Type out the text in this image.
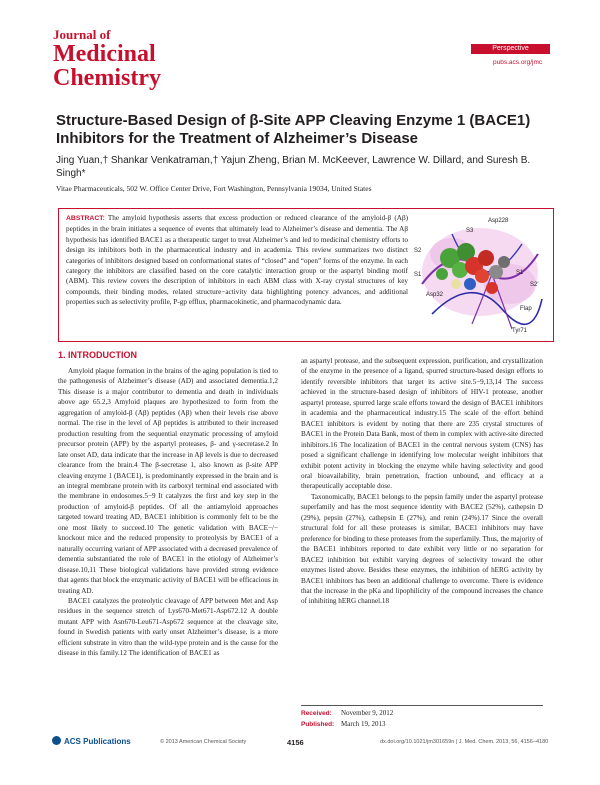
Journal of
Medicinal
Chemistry
Perspective
pubs.acs.org/jmc
Structure-Based Design of β-Site APP Cleaving Enzyme 1 (BACE1) Inhibitors for the Treatment of Alzheimer’s Disease
Jing Yuan,† Shankar Venkatraman,† Yajun Zheng, Brian M. McKeever, Lawrence W. Dillard, and Suresh B. Singh*
Vitae Pharmaceuticals, 502 W. Office Center Drive, Fort Washington, Pennsylvania 19034, United States
ABSTRACT: The amyloid hypothesis asserts that excess production or reduced clearance of the amyloid-β (Aβ) peptides in the brain initiates a sequence of events that ultimately lead to Alzheimer’s disease and dementia. The Aβ hypothesis has identified BACE1 as a therapeutic target to treat Alzheimer’s and led to medicinal chemistry efforts to design its inhibitors both in the pharmaceutical industry and in academia. This review summarizes two distinct categories of inhibitors designed based on conformational states of “closed” and “open” forms of the enzyme. In each category the inhibitors are classified based on the core catalytic interaction group or the aspartyl binding motif (ABM). This review covers the description of inhibitors in each ABM class with X-ray crystal structures of key compounds, their binding modes, related structure−activity data highlighting potency advances, and additional properties such as selectivity profile, P-gp efflux, pharmacokinetic, and pharmacodynamic data.
Asp228
S3
S2
S1	S1′
S2′
Asp32
Flap
Tyr71
1. INTRODUCTION

Amyloid plaque formation in the brains of the aging population is tied to the pathogenesis of Alzheimer’s disease (AD) and associated dementia.1,2 This disease is a major contributor to dementia and death in individuals above age 65.2,3 Amyloid plaques are hypothesized to form from the aggregation of amyloid-β (Aβ) peptides (Aβ) when their levels rise above normal. The rise in the level of Aβ peptides is attributed to their increased production resulting from the sequential enzymatic processing of amyloid precursor protein (APP) by the aspartyl proteases, β- and γ-secretase.2 In late onset AD, data indicate that the increase in Aβ levels is due to decreased clearance from the brain.4 The β-secretase 1, also known as β-site APP cleaving enzyme 1 (BACE1), is predominantly expressed in the brain and is an integral membrane protein with its carboxyl terminal end associated with the membrane in endosomes.5−9 It catalyzes the first and key step in the production of amyloid-β peptides. Of all the antiamyloid approaches targeted toward treating AD, BACE1 inhibition is commonly felt to be the one most likely to succeed.10 The genetic validation with BACE−/− knockout mice and the reduced propensity to proteolysis by BACE1 of a naturally occurring variant of APP associated with a decreased prevalence of dementia substantiated the role of BACE1 in the etiology of Alzheimer’s disease.10,11 These biological validations have provided strong evidence that agents that block the enzymatic activity of BACE1 will be efficacious in treating AD.

BACE1 catalyzes the proteolytic cleavage of APP between Met and Asp residues in the sequence stretch of Lys670-Met671-Asp672.12 A double mutant APP with Asn670-Leu671-Asp672 sequence at the cleavage site, found in Swedish patients with early onset Alzheimer’s disease, is a more efficient substrate in vitro than the wild-type protein and is the cause for the disease in this family.12 The identification of BACE1 as

an aspartyl protease, and the subsequent expression, purification, and crystallization of the enzyme in the presence of a ligand, spurred structure-based design efforts to identify reversible inhibitors that target its active site.5−9,13,14 The success achieved in the structure-based design of inhibitors of HIV-1 protease, another aspartyl protease, spurred large scale efforts toward the design of BACE1 inhibitors in academia and the pharmaceutical industry.15 The scale of the effort behind BACE1 inhibitors is evident by noting that there are 235 crystal structures of BACE1 in the Protein Data Bank, most of them in complex with active-site directed inhibitors.16 The localization of BACE1 in the central nervous system (CNS) has posed a significant challenge in identifying low molecular weight inhibitors that exhibit potent activity in blocking the enzyme while having selectivity and good oral bioavailability, brain penetration, fraction unbound, and efficacy at a therapeutically acceptable dose.

Taxonomically, BACE1 belongs to the pepsin family under the aspartyl protease superfamily and has the most sequence identity with BACE2 (52%), cathepsin D (29%), pepsin (27%), cathepsin E (27%), and renin (24%).17 Since the overall structural fold for all these proteases is similar, BACE1 inhibitors may have preference for binding to these proteases from the superfamily. Thus, the majority of the BACE1 inhibitors reported to date exhibit very little or no separation for BACE2 inhibition but exhibit varying degrees of selectivity toward the other enzymes listed above. Besides these enzymes, the inhibition of hERG activity by BACE1 inhibitors has been an additional challenge to overcome. There is evidence that the increase in the pKa and lipophilicity of the compound increases the chance of inhibiting hERG channel.18

Received: November 9, 2012
Published: March 19, 2013
ACS Publications	© 2013 American Chemical Society	4156	dx.doi.org/10.1021/jm301659n | J. Med. Chem. 2013, 56, 4156−4180
